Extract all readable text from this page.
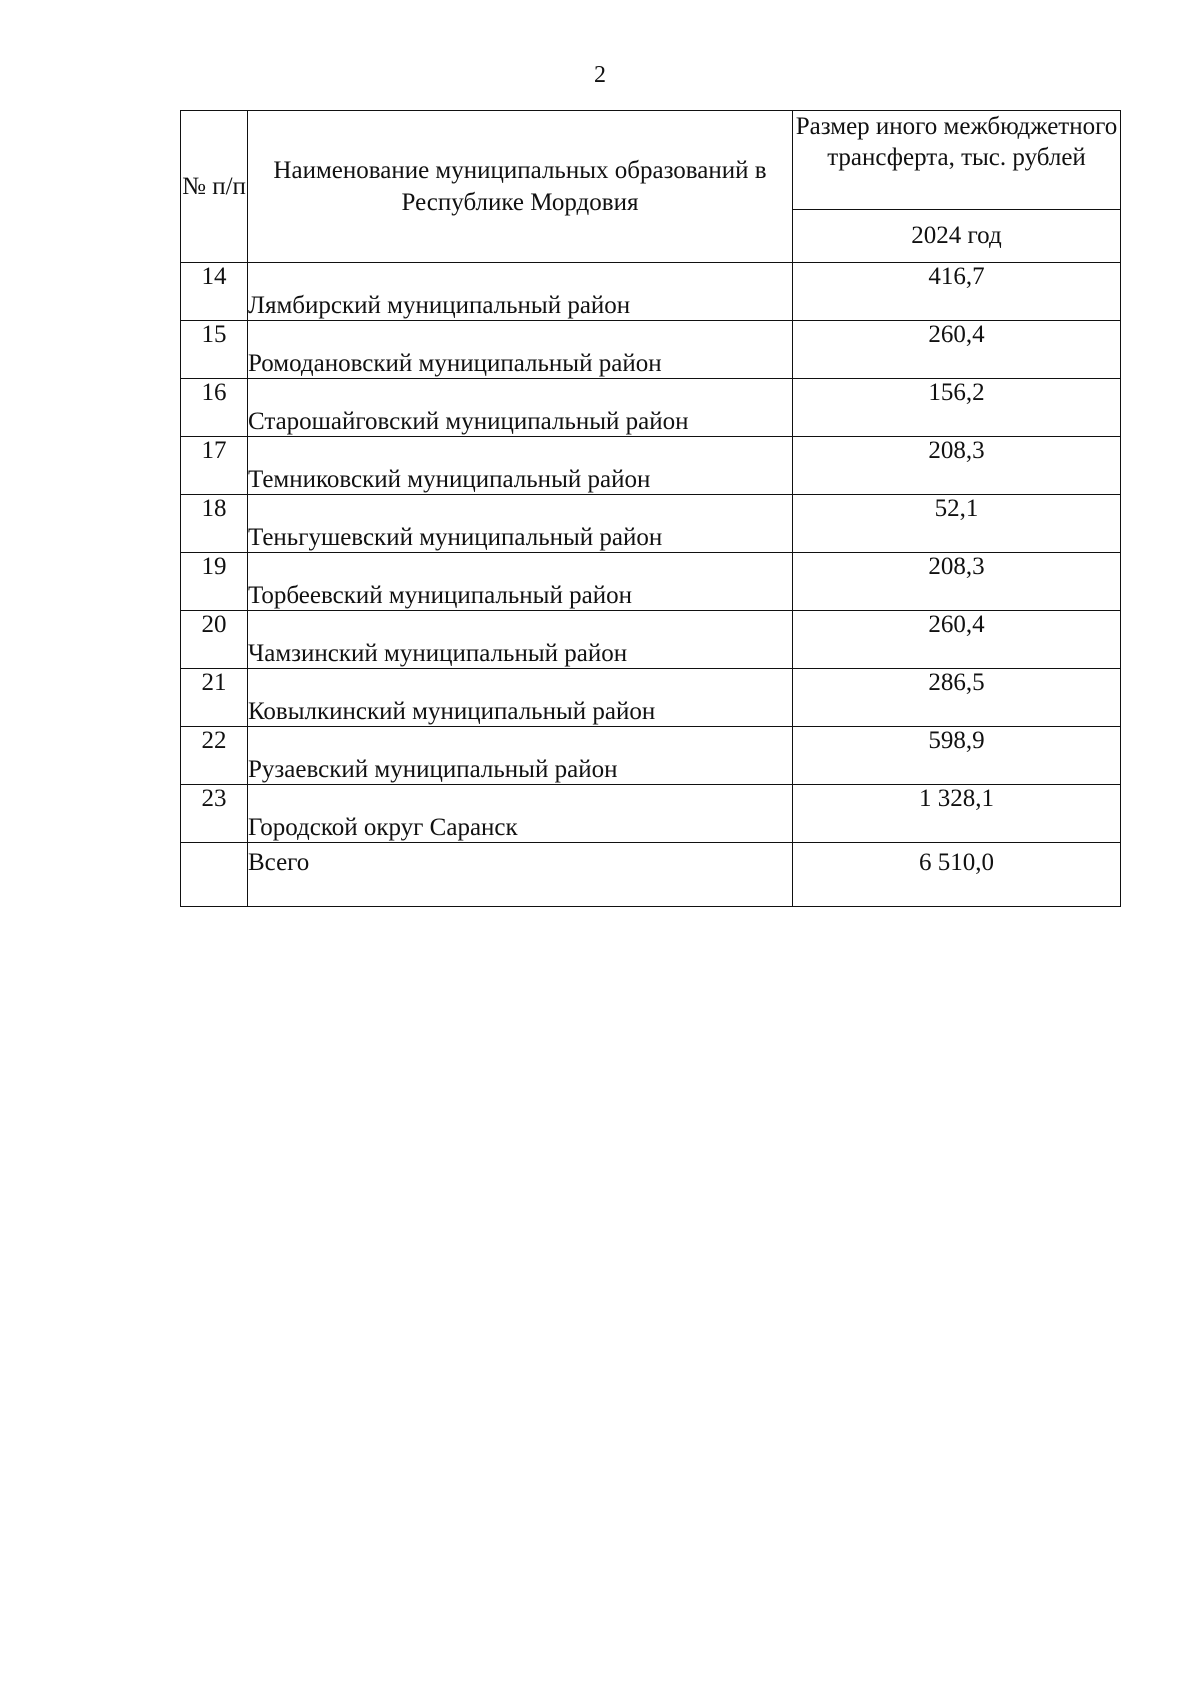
2
№ п/п	Наименование муниципальных образований в Республике Мордовия	Размер иного межбюджетного трансферта, тыс. рублей
		2024 год
14	Лямбирский муниципальный район	416,7
15	Ромодановский муниципальный район	260,4
16	Старошайговский муниципальный район	156,2
17	Темниковский муниципальный район	208,3
18	Теньгушевский муниципальный район	52,1
19	Торбеевский муниципальный район	208,3
20	Чамзинский муниципальный район	260,4
21	Ковылкинский муниципальный район	286,5
22	Рузаевский муниципальный район	598,9
23	Городской округ Саранск	1 328,1
	Всего	6 510,0
